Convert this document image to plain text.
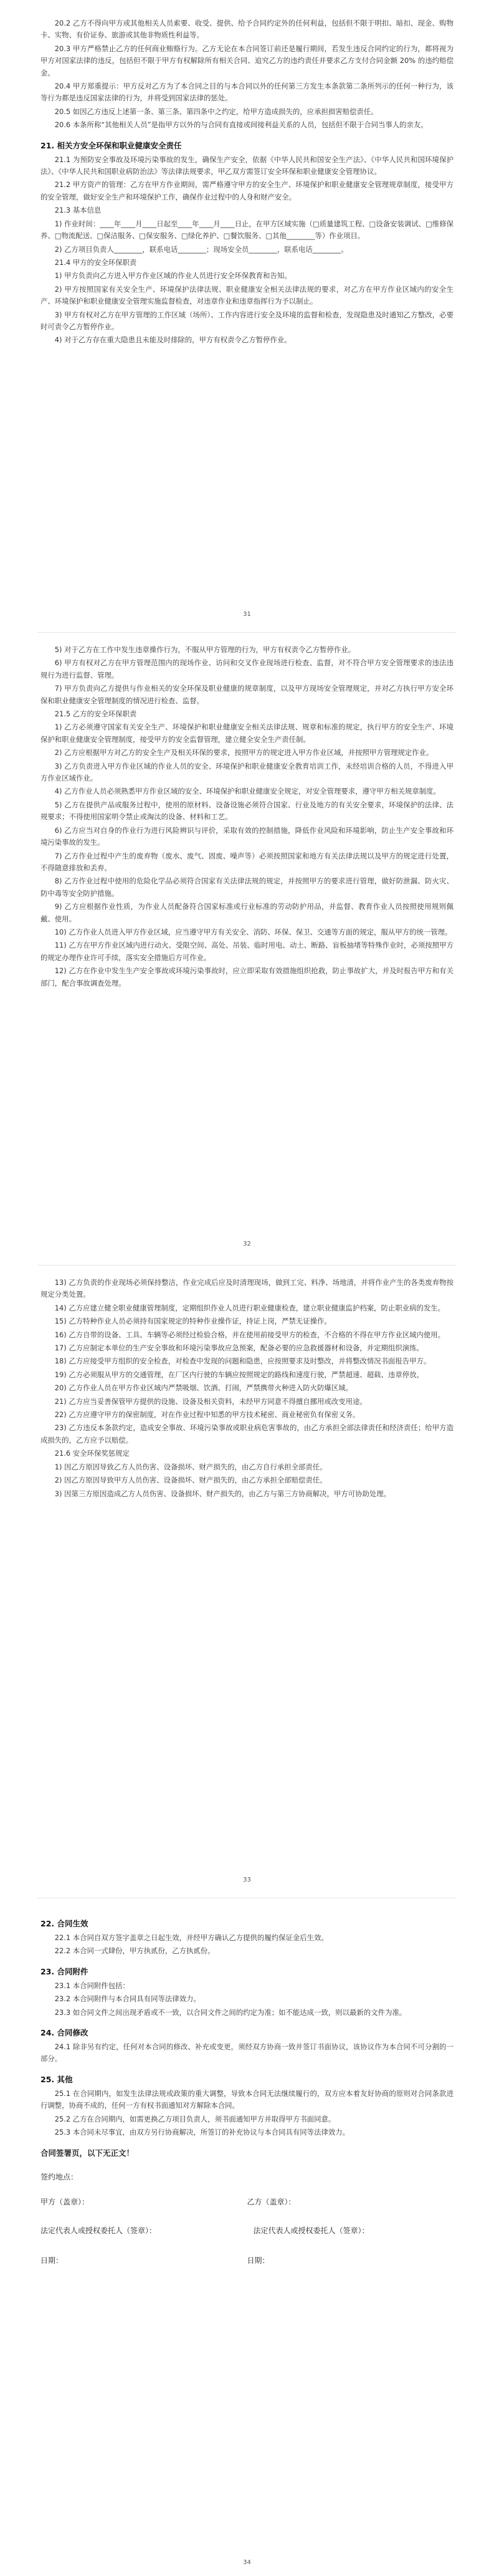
20.2 乙方不得向甲方或其他相关人员索要、收受、提供、给予合同约定外的任何利益，包括但不限于明扣、暗扣、现金、购物卡、实物、有价证券、旅游或其他非物质性利益等。

20.3 甲方严格禁止乙方的任何商业贿赂行为。乙方无论在本合同签订前还是履行期间，若发生违反合同约定的行为，都将视为甲方对国家法律的违反，包括但不限于甲方有权解除所有相关合同、追究乙方的违约责任并要求乙方支付合同金额 20% 的违约赔偿金。

20.4 甲方郑重提示：甲方反对乙方为了本合同之目的与本合同以外的任何第三方发生本条款第二条所列示的任何一种行为，该等行为都是违反国家法律的行为，并将受到国家法律的惩处。

20.5 如因乙方违反上述第一条、第三条、第四条中之约定，给甲方造成损失的，应承担损害赔偿责任。

20.6 本条所称“其他相关人员”是指甲方以外的与合同有直接或间接利益关系的人员，包括但不限于合同当事人的亲友。

21. 相关方安全环保和职业健康安全责任

21.1 为预防安全事故及环境污染事故的发生，确保生产安全，依据《中华人民共和国安全生产法》、《中华人民共和国环境保护法》、《中华人民共和国职业病防治法》等法律法规要求，甲乙双方需签订安全环保和职业健康安全管理协议。

21.2 甲方资产的管理：乙方在甲方作业期间，需严格遵守甲方的安全生产、环境保护和职业健康安全管理规章制度，接受甲方的安全管理，做好安全生产和环境保护工作，确保作业过程中的人身和财产安全。

21.3 基本信息

1) 作业时间：____年____月____日起至____年____月____日止，在甲方区域实施（□质量建筑工程、□设备安装调试、□维修保养、□物流配送、□保洁服务、□保安服务、□绿化养护、□餐饮服务、□其他________等）作业项目。

2) 乙方项目负责人________，联系电话________；现场安全员________，联系电话________。

21.4 甲方的安全环保职责

1) 甲方负责向乙方进入甲方作业区域的作业人员进行安全环保教育和告知。

2) 甲方按照国家有关安全生产、环境保护法律法规、职业健康安全相关法律法规的要求，对乙方在甲方作业区域内的安全生产、环境保护和职业健康安全管理实施监督检查，对违章作业和违章指挥行为予以制止。

3) 甲方有权对乙方在甲方管理的工作区域（场所）、工作内容进行安全及环境的监督和检查，发现隐患及时通知乙方整改，必要时可责令乙方暂停作业。

4) 对于乙方存在重大隐患且未能及时排除的，甲方有权责令乙方暂停作业。

31

5) 对于乙方在工作中发生违章操作行为，不服从甲方管理的行为，甲方有权责令乙方暂停作业。

6) 甲方有权对乙方在甲方管理范围内的现场作业、访问和交叉作业现场进行检查、监督，对不符合甲方安全管理要求的违法违规行为进行监督、管理。

7) 甲方负责向乙方提供与作业相关的安全环保及职业健康的规章制度，以及甲方现场安全管理规定，并对乙方执行甲方安全环保和职业健康安全管理制度的情况进行检查、监督。

21.5 乙方的安全环保职责

1) 乙方必须遵守国家有关安全生产、环境保护和职业健康安全相关法律法规、规章和标准的规定，执行甲方的安全生产、环境保护和职业健康安全管理制度，接受甲方的安全监督管理，建立健全安全生产责任制。

2) 乙方应根据甲方对乙方的安全生产及相关环保的要求，按照甲方的规定进入甲方作业区域，并按照甲方管理规定作业。

3) 乙方负责进入甲方作业区域的作业人员的安全、环境保护和职业健康安全教育培训工作，未经培训合格的人员，不得进入甲方作业区域作业。

4) 乙方作业人员必须熟悉甲方作业区域的安全、环境保护和职业健康安全规定，对安全管理要求，遵守甲方相关规章制度。

5) 乙方在提供产品或服务过程中，使用的原材料、设备设施必须符合国家、行业及地方的有关安全要求，环境保护的法律、法规要求；不得使用国家明令禁止或淘汰的设备、材料和工艺。

6) 乙方应当对自身的作业行为进行风险辨识与评价，采取有效的控制措施，降低作业风险和环境影响，防止生产安全事故和环境污染事故的发生。

7) 乙方作业过程中产生的废弃物（废水、废气、固废、噪声等）必须按照国家和地方有关法律法规以及甲方的规定进行处置，不得随意排放和丢弃。

8) 乙方作业过程中使用的危险化学品必须符合国家有关法律法规的规定，并按照甲方的要求进行管理，做好防泄漏、防火灾、防中毒等安全防护措施。

9) 乙方应根据作业性质，为作业人员配备符合国家标准或行业标准的劳动防护用品，并监督、教育作业人员按照使用规则佩戴、使用。

10) 乙方作业人员进入甲方作业区域，应当遵守甲方有关安全、消防、环保、保卫、交通等方面的规定，服从甲方的统一管理。

11) 乙方在甲方作业区域内进行动火、受限空间、高处、吊装、临时用电、动土、断路、盲板抽堵等特殊作业时，必须按照甲方的规定办理作业许可手续，落实安全措施后方可作业。

12) 乙方在作业中发生生产安全事故或环境污染事故时，应立即采取有效措施组织抢救，防止事故扩大，并及时报告甲方和有关部门，配合事故调查处理。

32

13) 乙方负责的作业现场必须保持整洁，作业完成后应及时清理现场，做到工完、料净、场地清，并将作业产生的各类废弃物按规定分类处置。

14) 乙方应建立健全职业健康管理制度，定期组织作业人员进行职业健康检查，建立职业健康监护档案，防止职业病的发生。

15) 乙方特种作业人员必须持有国家规定的特种作业操作证，持证上岗，严禁无证操作。

16) 乙方自带的设备、工具、车辆等必须经过检验合格，并在使用前接受甲方的检查，不合格的不得在甲方作业区域内使用。

17) 乙方应制定本单位的生产安全事故和环境污染事故应急预案，配备必要的应急救援器材和设备，并定期组织演练。

18) 乙方应接受甲方组织的安全检查，对检查中发现的问题和隐患，应按照要求及时整改，并将整改情况书面报告甲方。

19) 乙方必须服从甲方的交通管理，在厂区内行驶的车辆应按照规定的路线和速度行驶，严禁超速、超载、违章停放。

20) 乙方作业人员在甲方作业区域内严禁吸烟、饮酒、打闹，严禁携带火种进入防火防爆区域。

21) 乙方应当妥善保管甲方提供的设施、设备及相关资料，未经甲方同意不得擅自挪用或改变用途。

22) 乙方应遵守甲方的保密制度，对在作业过程中知悉的甲方技术秘密、商业秘密负有保密义务。

23) 乙方违反本条款约定，造成安全事故、环境污染事故或职业病危害事故的，由乙方承担全部法律责任和经济责任；给甲方造成损失的，乙方应予以赔偿。

21.6 安全环保奖惩规定

1) 因乙方原因导致乙方人员伤害、设备损坏、财产损失的，由乙方自行承担全部责任。

2) 因乙方原因导致甲方人员伤害、设备损坏、财产损失的，由乙方承担全部赔偿责任。

3) 因第三方原因造成乙方人员伤害、设备损坏、财产损失的，由乙方与第三方协商解决，甲方可协助处理。

33
22. 合同生效

22.1 本合同自双方签字盖章之日起生效，并经甲方确认乙方提供的履约保证金后生效。

22.2 本合同一式肆份，甲方执贰份，乙方执贰份。

23. 合同附件

23.1 本合同附件包括：

23.2 本合同附件与本合同具有同等法律效力。

23.3 如合同文件之间出现矛盾或不一致，以合同文件之间的约定为准；如不能达成一致，则以最新的文件为准。

24. 合同修改

24.1 除非另有约定，任何对本合同的修改、补充或变更，须经双方协商一致并签订书面协议，该协议作为本合同不可分割的一部分。

25. 其他

25.1 在合同期内，如发生法律法规或政策的重大调整，导致本合同无法继续履行的，双方应本着友好协商的原则对合同条款进行调整，协商不成的，任何一方有权书面通知对方解除本合同。

25.2 乙方在合同期内，如需更换乙方项目负责人，须书面通知甲方并取得甲方书面同意。

25.3 本合同未尽事宜，由双方另行协商解决，所签订的补充协议与本合同具有同等法律效力。

合同签署页，以下无正文！

签约地点：

甲方（盖章）：	乙方（盖章）：
法定代表人或授权委托人（签章）：	法定代表人或授权委托人（签章）：
日期：	日期：
34
